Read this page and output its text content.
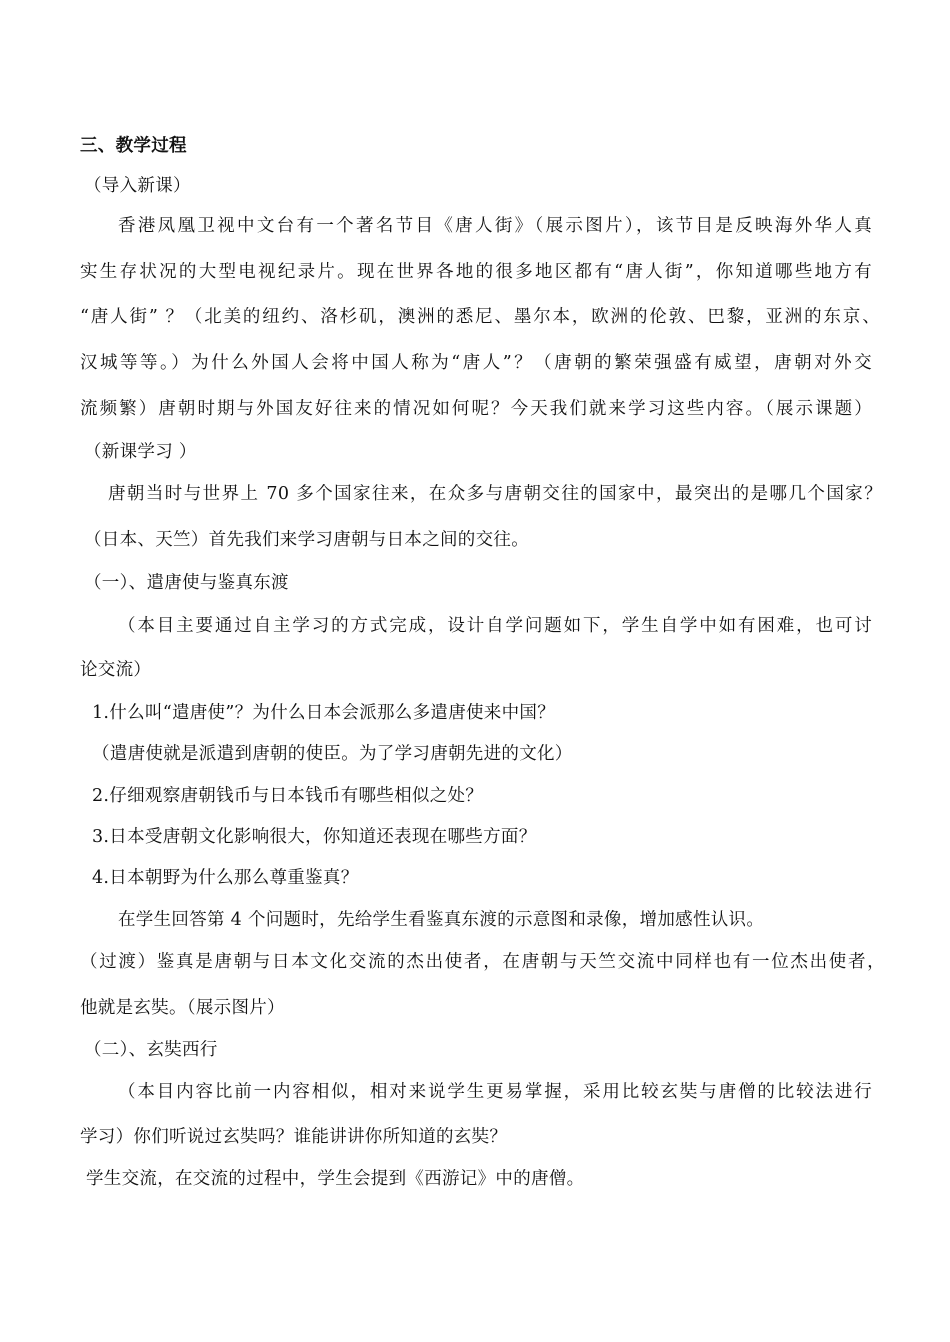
三、教学过程
（导入新课）
香港凤凰卫视中文台有一个著名节目《唐人街》（展示图片），该节目是反映海外华人真
实生存状况的大型电视纪录片。现在世界各地的很多地区都有“唐人街”，你知道哪些地方有
“唐人街” ？（北美的纽约、洛杉矶，澳洲的悉尼、墨尔本，欧洲的伦敦、巴黎，亚洲的东京、
汉城等等。）为什么外国人会将中国人称为“唐人”？（唐朝的繁荣强盛有威望，唐朝对外交
流频繁）唐朝时期与外国友好往来的情况如何呢？今天我们就来学习这些内容。（展示课题）
（新课学习 ）
唐朝当时与世界上 70 多个国家往来，在众多与唐朝交往的国家中，最突出的是哪几个国家？
（日本、天竺）首先我们来学习唐朝与日本之间的交往。
（一）、遣唐使与鉴真东渡
（本目主要通过自主学习的方式完成，设计自学问题如下，学生自学中如有困难，也可讨
论交流）
1.什么叫“遣唐使”？为什么日本会派那么多遣唐使来中国？
（遣唐使就是派遣到唐朝的使臣。为了学习唐朝先进的文化）
2.仔细观察唐朝钱币与日本钱币有哪些相似之处？
3.日本受唐朝文化影响很大，你知道还表现在哪些方面？
4.日本朝野为什么那么尊重鉴真？
在学生回答第 4 个问题时，先给学生看鉴真东渡的示意图和录像，增加感性认识。
（过渡）鉴真是唐朝与日本文化交流的杰出使者，在唐朝与天竺交流中同样也有一位杰出使者，
他就是玄奘。（展示图片）
（二）、玄奘西行
（本目内容比前一内容相似，相对来说学生更易掌握，采用比较玄奘与唐僧的比较法进行
学习）你们听说过玄奘吗？谁能讲讲你所知道的玄奘？
学生交流，在交流的过程中，学生会提到《西游记》中的唐僧。
